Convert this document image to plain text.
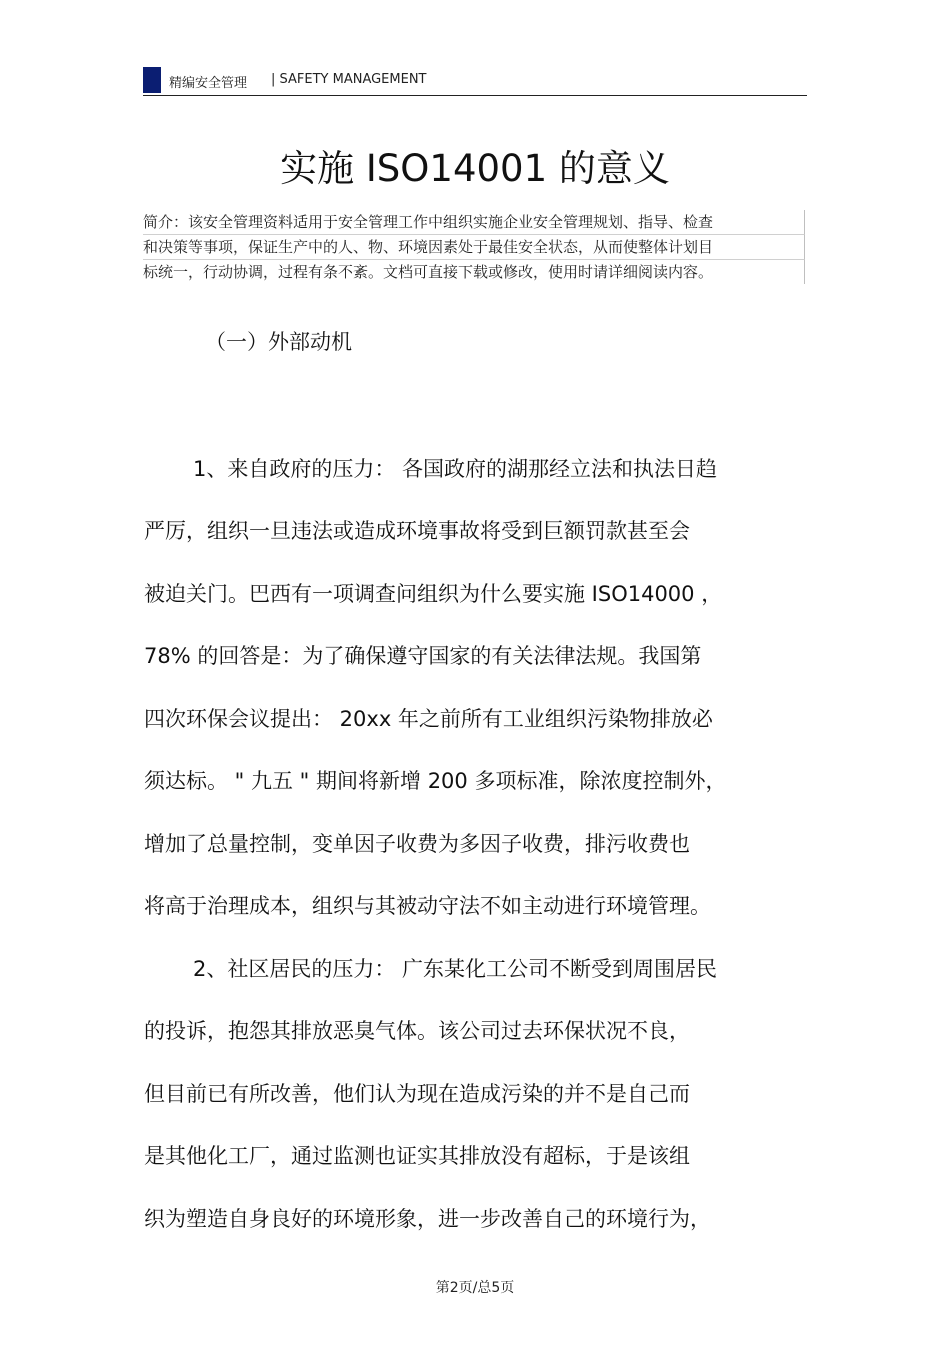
精编安全管理 | SAFETY MANAGEMENT
实施 ISO14001 的意义
简介：该安全管理资料适用于安全管理工作中组织实施企业安全管理规划、指导、检查
和决策等事项，保证生产中的人、物、环境因素处于最佳安全状态，从而使整体计划目
标统一，行动协调，过程有条不紊。文档可直接下载或修改，使用时请详细阅读内容。
（一）外部动机
1、来自政府的压力： 各国政府的湖那经立法和执法日趋
严厉，组织一旦违法或造成环境事故将受到巨额罚款甚至会
被迫关门。巴西有一项调查问组织为什么要实施 ISO14000 ，
78% 的回答是：为了确保遵守国家的有关法律法规。我国第
四次环保会议提出： 20xx 年之前所有工业组织污染物排放必
须达标。 " 九五 " 期间将新增 200 多项标准，除浓度控制外，
增加了总量控制，变单因子收费为多因子收费，排污收费也
将高于治理成本，组织与其被动守法不如主动进行环境管理。
2、社区居民的压力： 广东某化工公司不断受到周围居民
的投诉，抱怨其排放恶臭气体。该公司过去环保状况不良，
但目前已有所改善，他们认为现在造成污染的并不是自己而
是其他化工厂，通过监测也证实其排放没有超标，于是该组
织为塑造自身良好的环境形象，进一步改善自己的环境行为，
第2页/总5页
